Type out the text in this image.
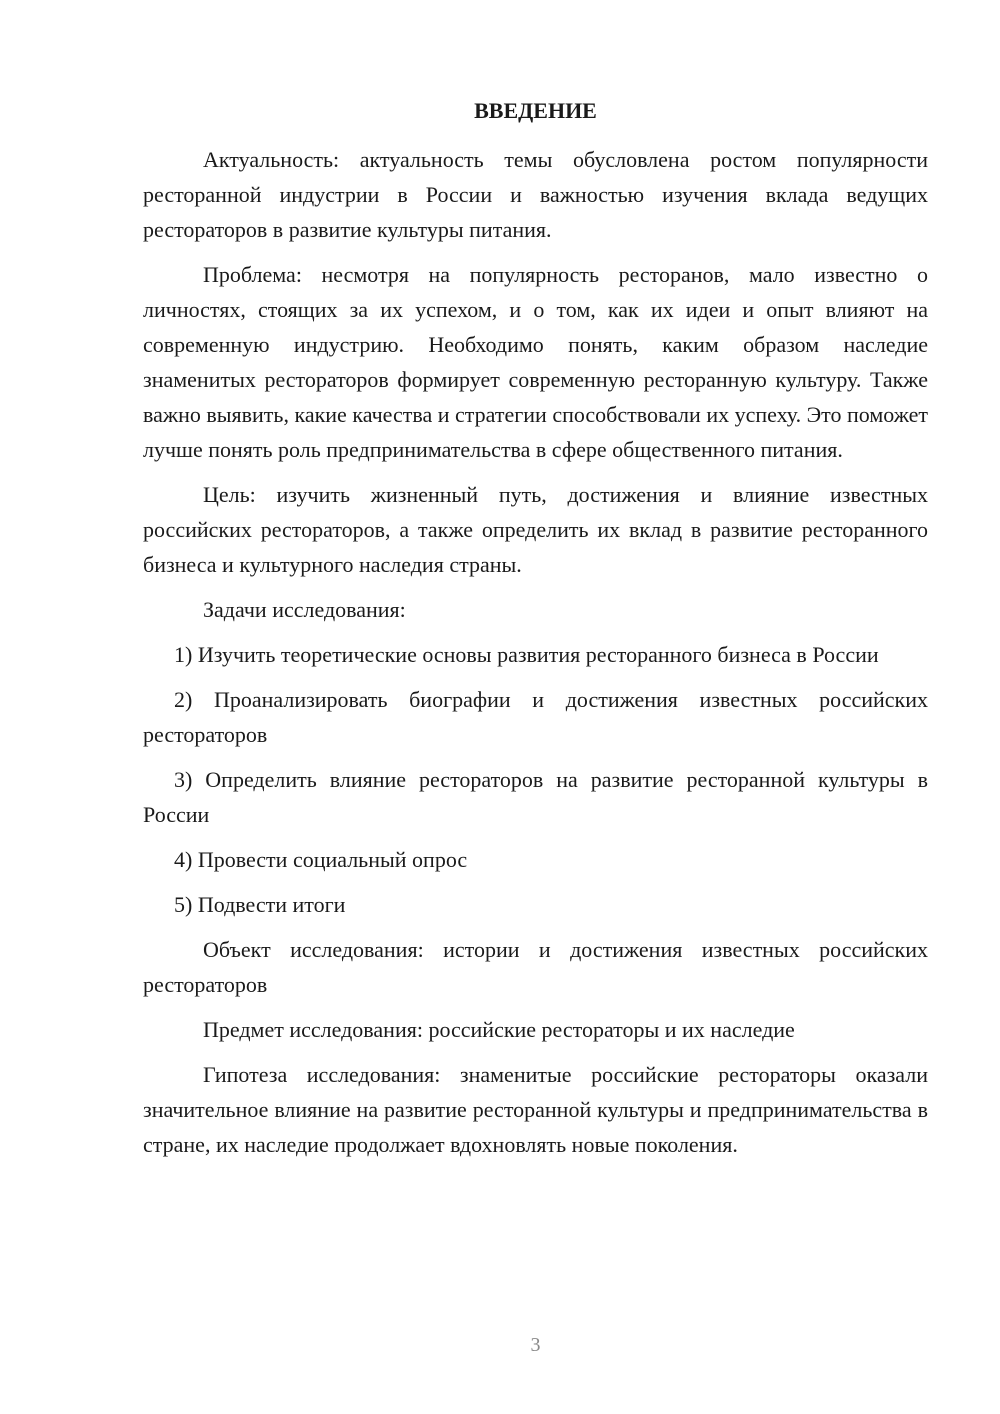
ВВЕДЕНИЕ

Актуальность: актуальность темы обусловлена ростом популярности ресторанной индустрии в России и важностью изучения вклада ведущих рестораторов в развитие культуры питания.

Проблема: несмотря на популярность ресторанов, мало известно о личностях, стоящих за их успехом, и о том, как их идеи и опыт влияют на современную индустрию. Необходимо понять, каким образом наследие знаменитых рестораторов формирует современную ресторанную культуру. Также важно выявить, какие качества и стратегии способствовали их успеху. Это поможет лучше понять роль предпринимательства в сфере общественного питания.

Цель: изучить жизненный путь, достижения и влияние известных российских рестораторов, а также определить их вклад в развитие ресторанного бизнеса и культурного наследия страны.

Задачи исследования:

1) Изучить теоретические основы развития ресторанного бизнеса в России

2) Проанализировать биографии и достижения известных российских рестораторов

3) Определить влияние рестораторов на развитие ресторанной культуры в России

4) Провести социальный опрос

5) Подвести итоги

Объект исследования: истории и достижения известных российских рестораторов

Предмет исследования: российские рестораторы и их наследие

Гипотеза исследования: знаменитые российские рестораторы оказали значительное влияние на развитие ресторанной культуры и предпринимательства в стране, их наследие продолжает вдохновлять новые поколения.

3
